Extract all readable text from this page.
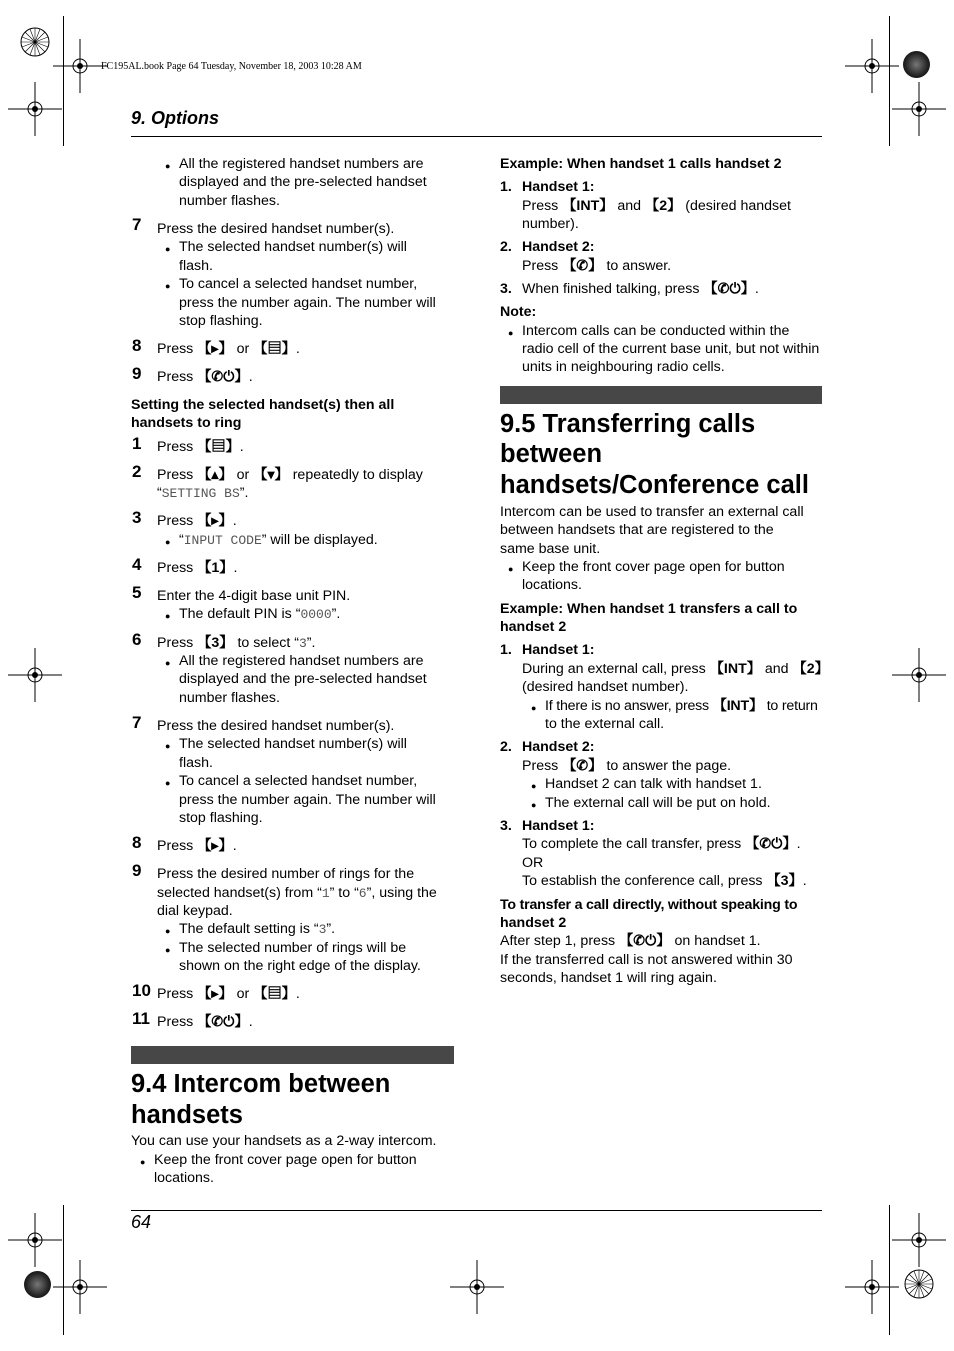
FC195AL.book Page 64 Tuesday, November 18, 2003 10:28 AM
9. Options
64
● All the registered handset numbers are
displayed and the pre-selected handset
number flashes.
7 Press the desired handset number(s).
● The selected handset number(s) will
flash.
● To cancel a selected handset number,
press the number again. The number will
stop flashing.
8 Press 【▸】 or 【▤】.
9 Press 【✆⏻】.
Setting the selected handset(s) then all
handsets to ring
1 Press 【▤】.
2 Press 【▴】 or 【▾】 repeatedly to display
“SETTING BS”.
3 Press 【▸】.
● “INPUT CODE” will be displayed.
4 Press 【1】.
5 Enter the 4-digit base unit PIN.
● The default PIN is “0000”.
6 Press 【3】 to select “3”.
● All the registered handset numbers are
displayed and the pre-selected handset
number flashes.
7 Press the desired handset number(s).
● The selected handset number(s) will
flash.
● To cancel a selected handset number,
press the number again. The number will
stop flashing.
8 Press 【▸】.
9 Press the desired number of rings for the
selected handset(s) from “1” to “6”, using the
dial keypad.
● The default setting is “3”.
● The selected number of rings will be
shown on the right edge of the display.
10 Press 【▸】 or 【▤】.
11 Press 【✆⏻】.
9.4 Intercom between
handsets
You can use your handsets as a 2-way intercom.
● Keep the front cover page open for button
locations.
Example: When handset 1 calls handset 2
1. Handset 1:
Press 【INT】 and 【2】 (desired handset
number).
2. Handset 2:
Press 【✆】 to answer.
3. When finished talking, press 【✆⏻】.
Note:
● Intercom calls can be conducted within the
radio cell of the current base unit, but not within
units in neighbouring radio cells.
9.5 Transferring calls
between
handsets/Conference call
Intercom can be used to transfer an external call
between handsets that are registered to the
same base unit.
● Keep the front cover page open for button
locations.
Example: When handset 1 transfers a call to
handset 2
1. Handset 1:
During an external call, press 【INT】 and 【2】
(desired handset number).
● If there is no answer, press 【INT】 to return
to the external call.
2. Handset 2:
Press 【✆】 to answer the page.
● Handset 2 can talk with handset 1.
● The external call will be put on hold.
3. Handset 1:
To complete the call transfer, press 【✆⏻】.
OR
To establish the conference call, press 【3】.
To transfer a call directly, without speaking to
handset 2
After step 1, press 【✆⏻】 on handset 1.
If the transferred call is not answered within 30
seconds, handset 1 will ring again.
